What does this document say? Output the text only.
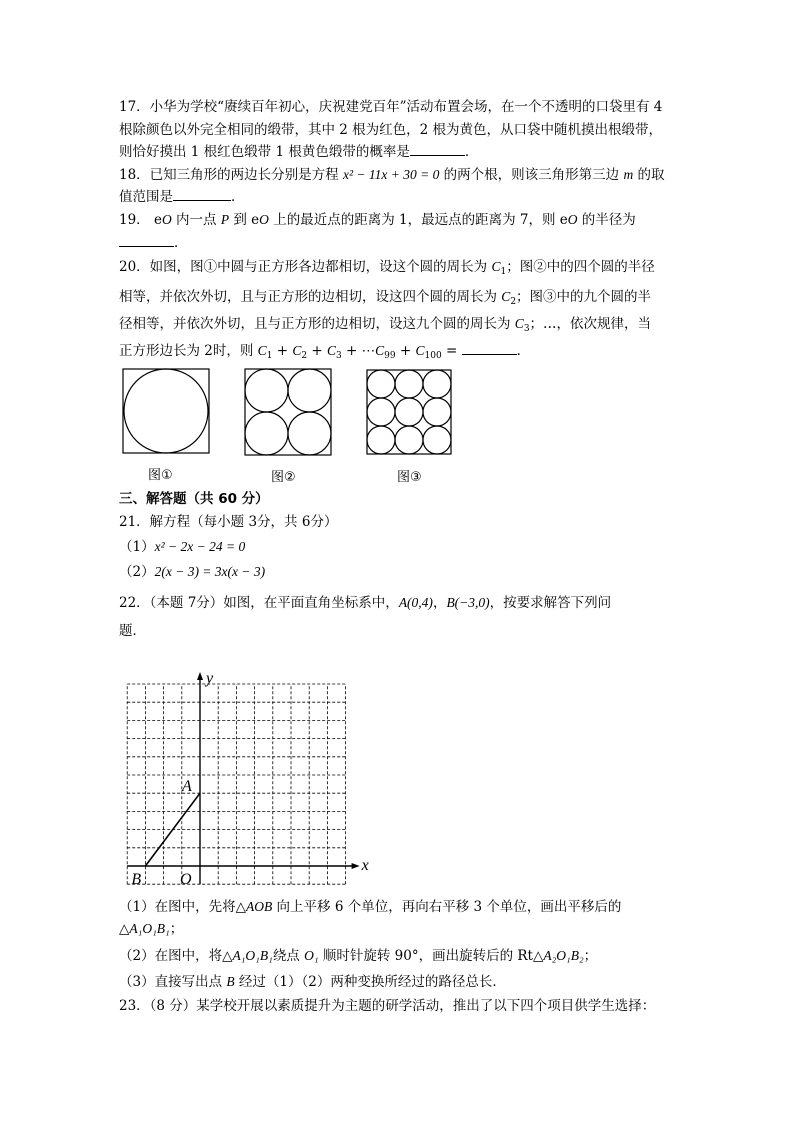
17．小华为学校“赓续百年初心，庆祝建党百年”活动布置会场，在一个不透明的口袋里有 4
根除颜色以外完全相同的缎带，其中 2 根为红色，2 根为黄色，从口袋中随机摸出根缎带，
则恰好摸出 1 根红色缎带 1 根黄色缎带的概率是	．
18．已知三角形的两边长分别是方程 x² − 11x + 30 = 0 的两个根，则该三角形第三边 m 的取
值范围是	．
19． eO 内一点 P 到 eO 上的最近点的距离为 1，最远点的距离为 7，则 eO 的半径为
．
20．如图，图①中圆与正方形各边都相切，设这个圆的周长为 $C_1$；图②中的四个圆的半径
相等，并依次外切，且与正方形的边相切，设这四个圆的周长为 $C_2$；图③中的九个圆的半
径相等，并依次外切，且与正方形的边相切，设这九个圆的周长为 $C_3$；…，依次规律，当
正方形边长为 2时，则 $C_1 + C_2 + C_3$ + $\cdots C_{99} + C_{100}$ =	．
图①	图②	图③
三、解答题（共 60 分）
21．解方程（每小题 3分，共 6分）
（1）x² − 2x − 24 = 0
（2）2(x − 3) = 3x(x − 3)
22．（本题 7分）如图，在平面直角坐标系中，A(0,4)，B(−3,0)，按要求解答下列问
题．
x
y
A
B O
（1）在图中，先将△AOB 向上平移 6 个单位，再向右平移 3 个单位，画出平移后的
△A₁O₁B₁；
（2）在图中，将△A₁O₁B₁绕点 O₁ 顺时针旋转 90°，画出旋转后的 Rt△A₂O₁B₂；
（3）直接写出点 B 经过（1）（2）两种变换所经过的路径总长．
23．（8 分）某学校开展以素质提升为主题的研学活动，推出了以下四个项目供学生选择：
